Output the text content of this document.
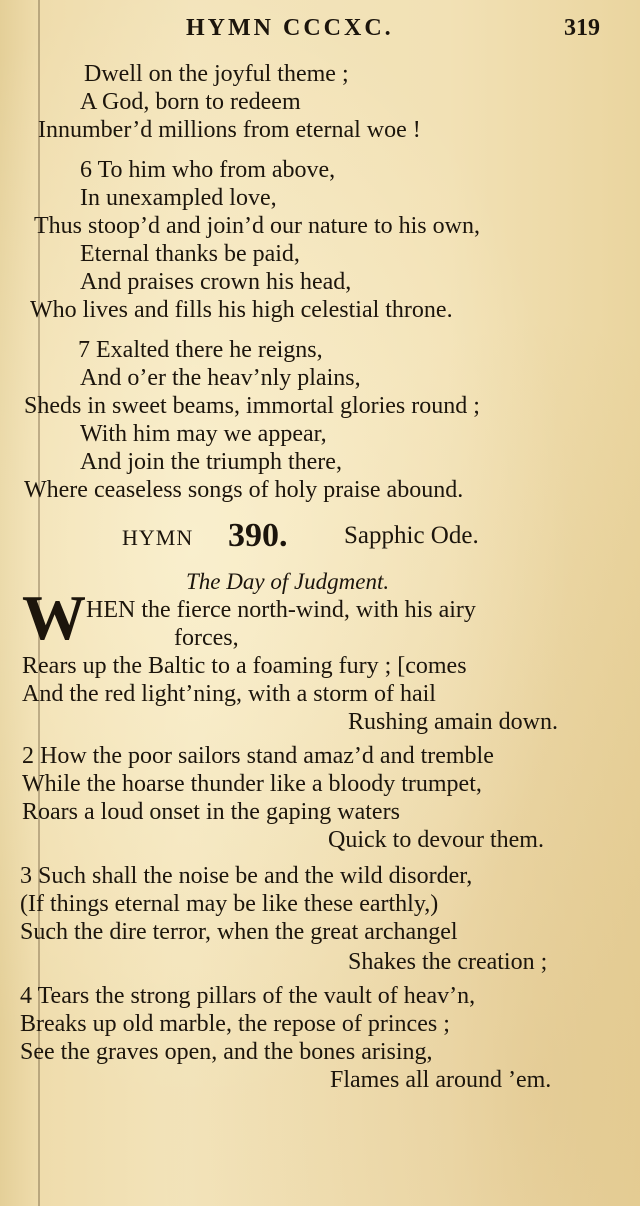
HYMN CCCXC.	319
Dwell on the joyful theme ;
A God, born to redeem
Innumber’d millions from eternal woe !
6 To him who from above,
In unexampled love,
Thus stoop’d and join’d our nature to his own,
Eternal thanks be paid,
And praises crown his head,
Who lives and fills his high celestial throne.
7 Exalted there he reigns,
And o’er the heav’nly plains,
Sheds in sweet beams, immortal glories round ;
With him may we appear,
And join the triumph there,
Where ceaseless songs of holy praise abound.
HYMN 390. Sapphic Ode.
The Day of Judgment.
W HEN the fierce north-wind, with his airy
forces,
Rears up the Baltic to a foaming fury ; [comes
And the red light’ning, with a storm of hail
Rushing amain down.
2 How the poor sailors stand amaz’d and tremble
While the hoarse thunder like a bloody trumpet,
Roars a loud onset in the gaping waters
Quick to devour them.
3 Such shall the noise be and the wild disorder,
(If things eternal may be like these earthly,)
Such the dire terror, when the great archangel
Shakes the creation ;
4 Tears the strong pillars of the vault of heav’n,
Breaks up old marble, the repose of princes ;
See the graves open, and the bones arising,
Flames all around ’em.
